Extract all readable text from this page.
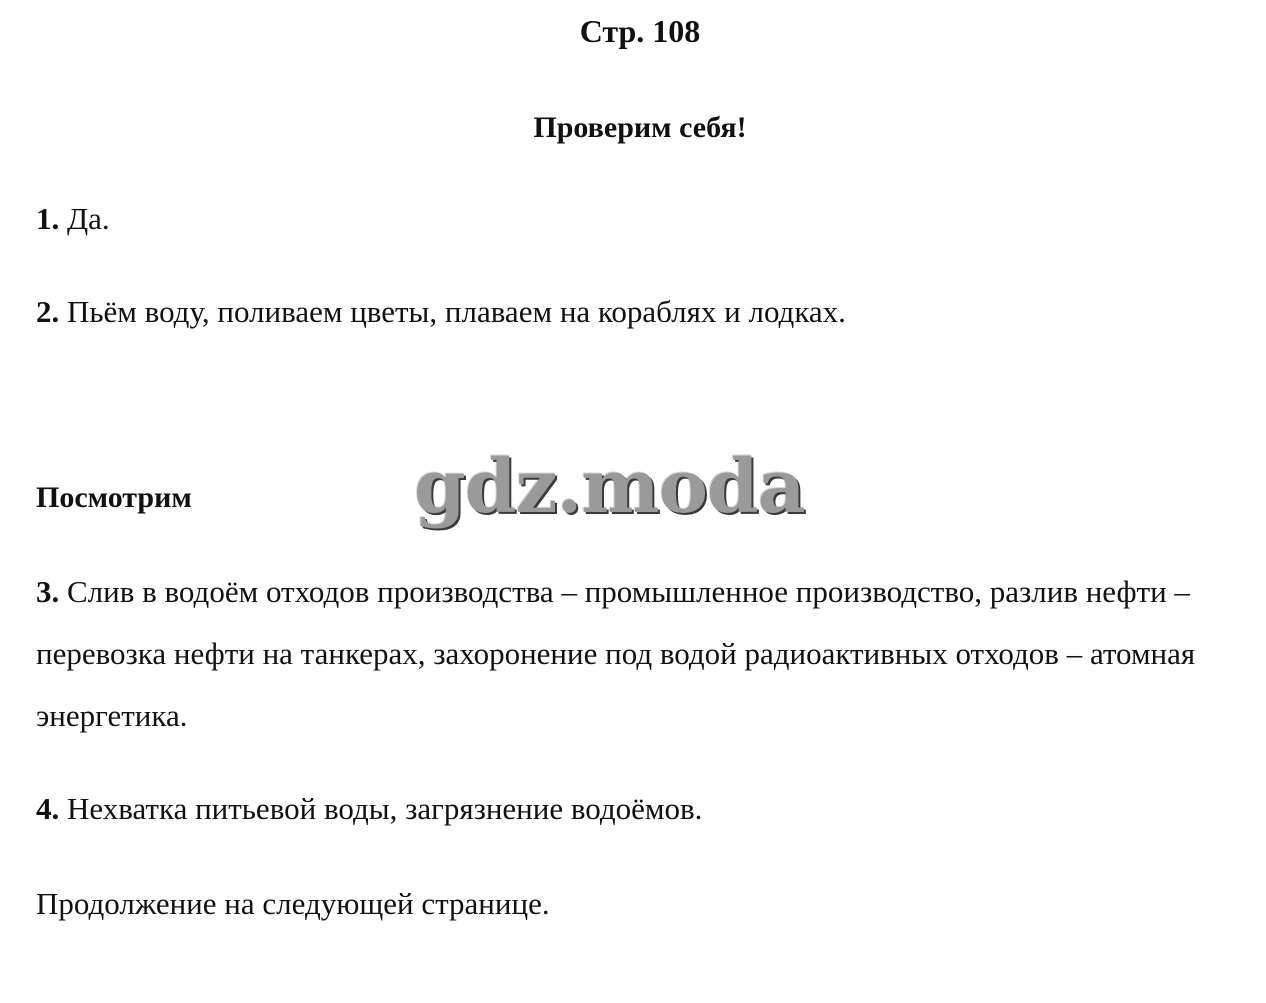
Стр. 108
Проверим себя!
1. Да.
2. Пьём воду, поливаем цветы, плаваем на кораблях и лодках.
Посмотрим	gdz.moda
3. Слив в водоём отходов производства – промышленное производство, разлив нефти – перевозка нефти на танкерах, захоронение под водой радиоактивных отходов – атомная энергетика.
4. Нехватка питьевой воды, загрязнение водоёмов.
Продолжение на следующей странице.
